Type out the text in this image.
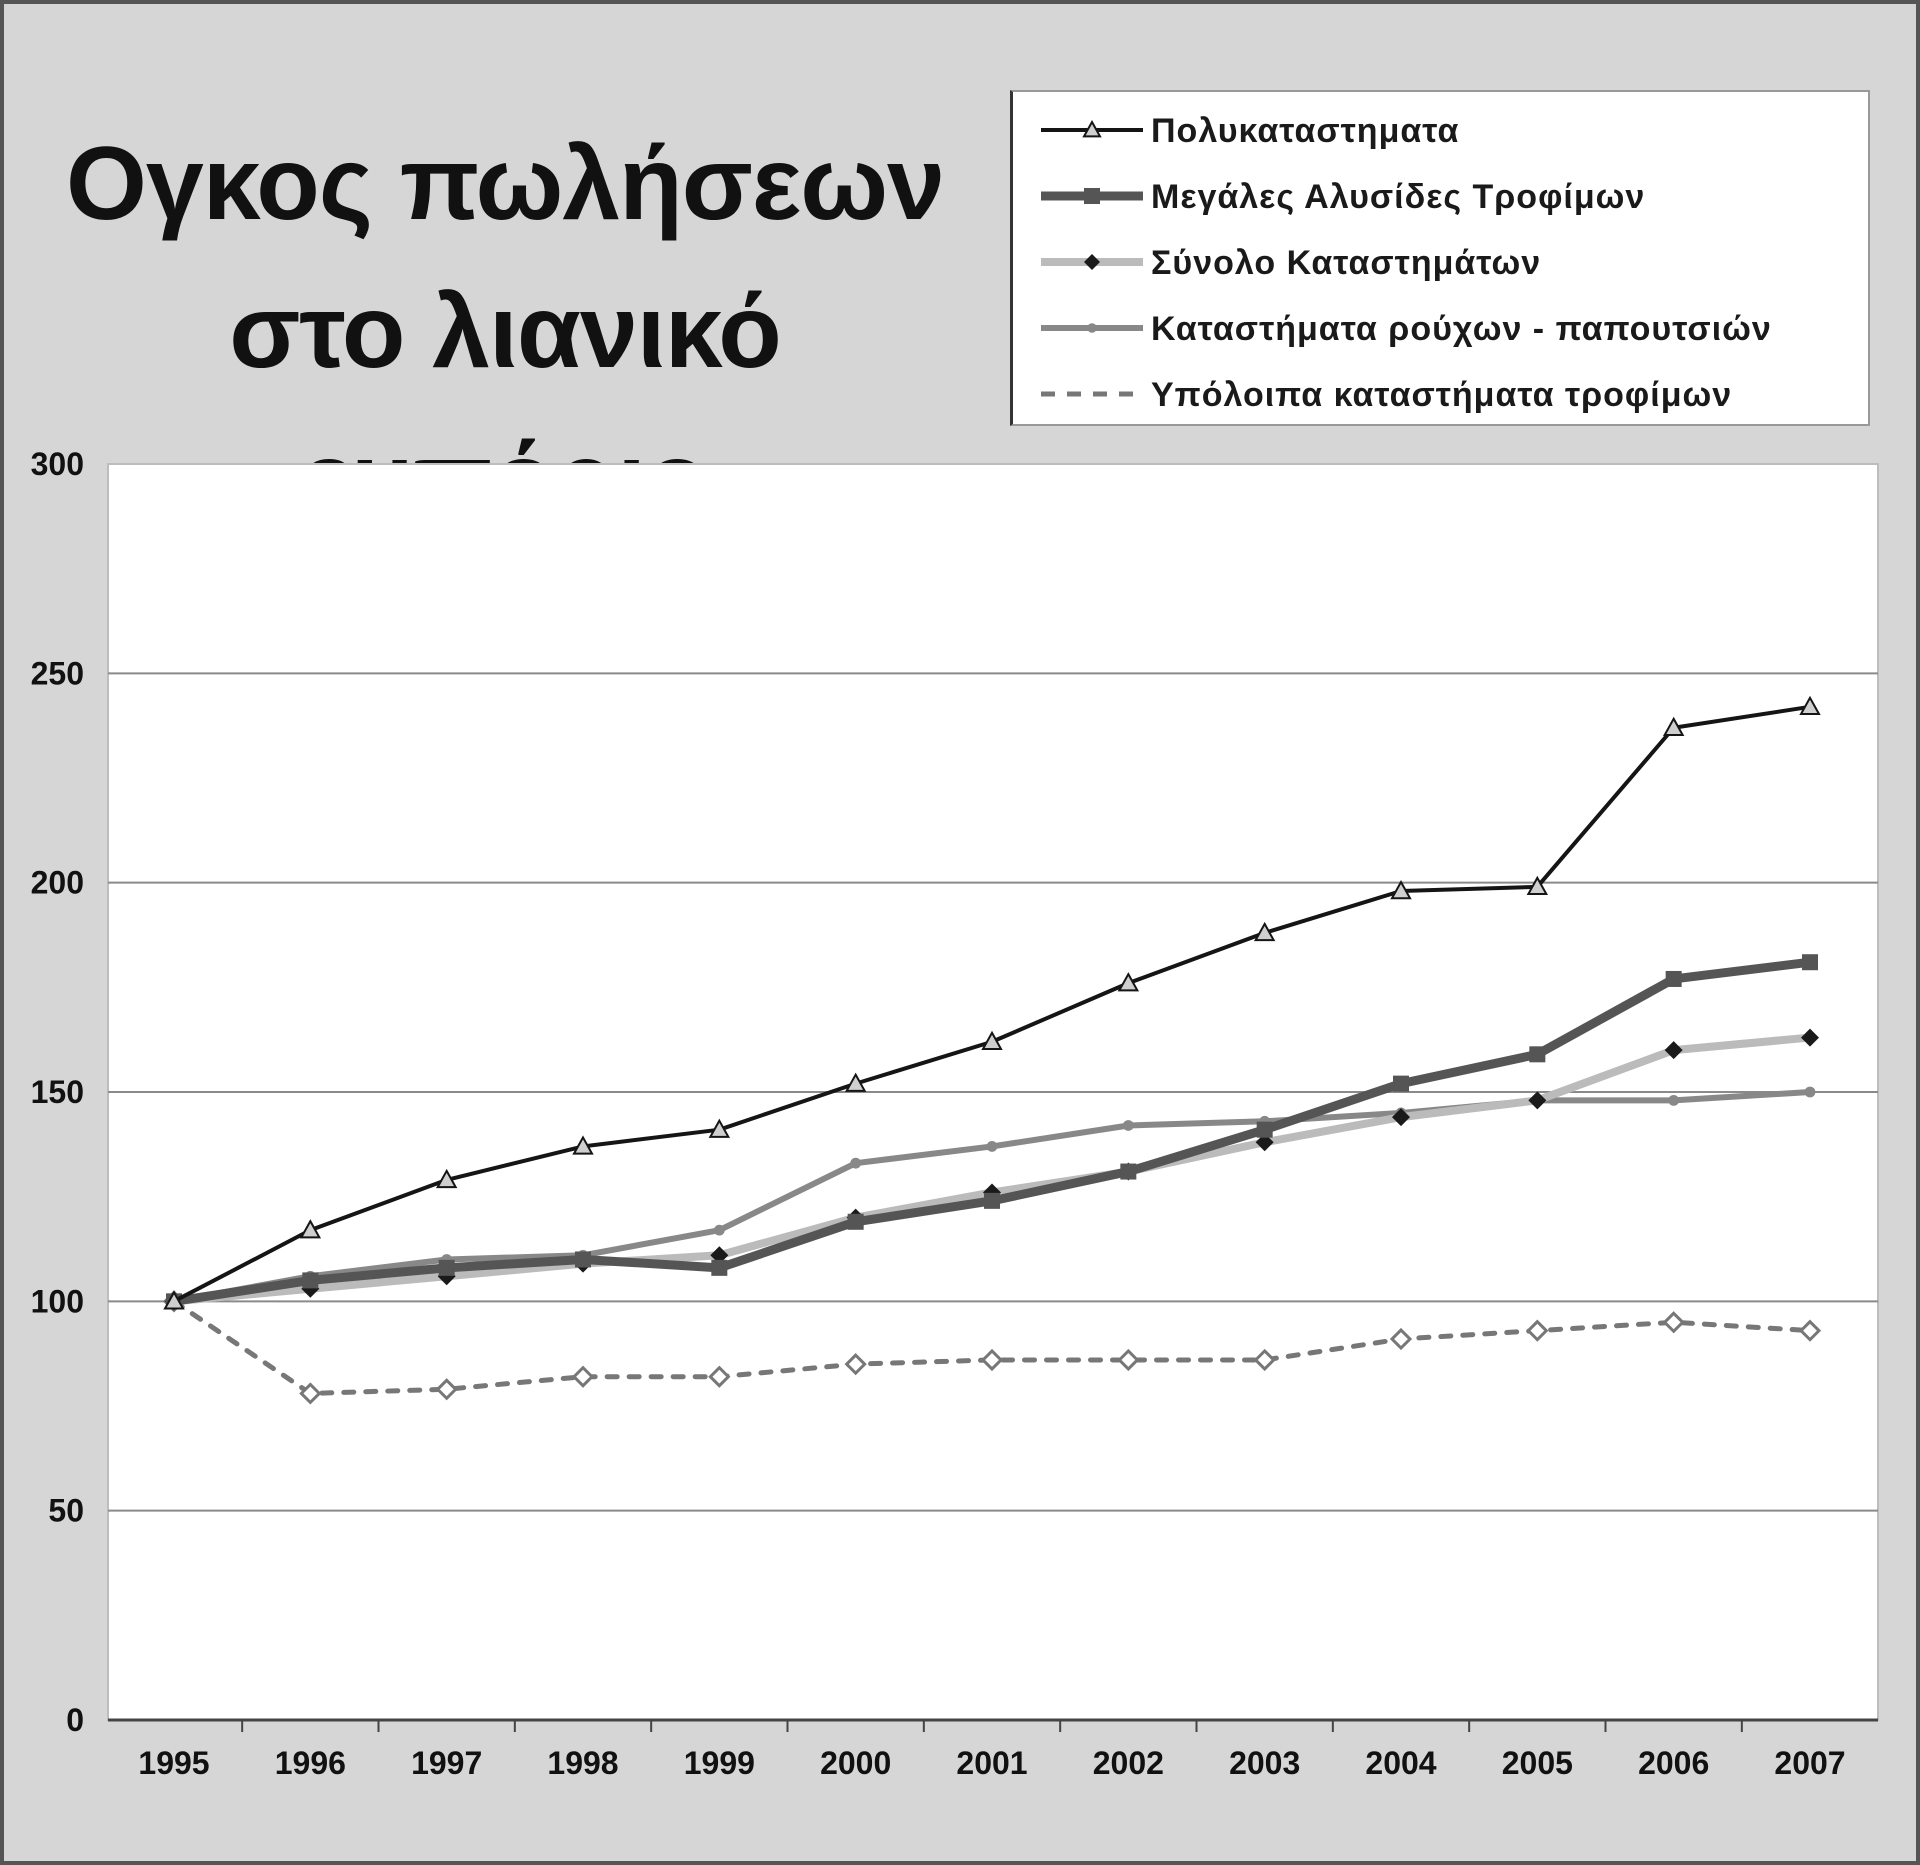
Ογκος πωλήσεων
στο λιανικό
Πολυκαταστηματα
Μεγάλες Αλυσίδες Τροφίμων
Σύνολο Καταστημάτων
Καταστήματα ρούχων - παπουτσιών
Υπόλοιπα καταστήματα τροφίμων
0
50
100
150
200
250
300
1995 1996 1997 1998 1999 2000 2001 2002 2003 2004 2005 2006 2007
